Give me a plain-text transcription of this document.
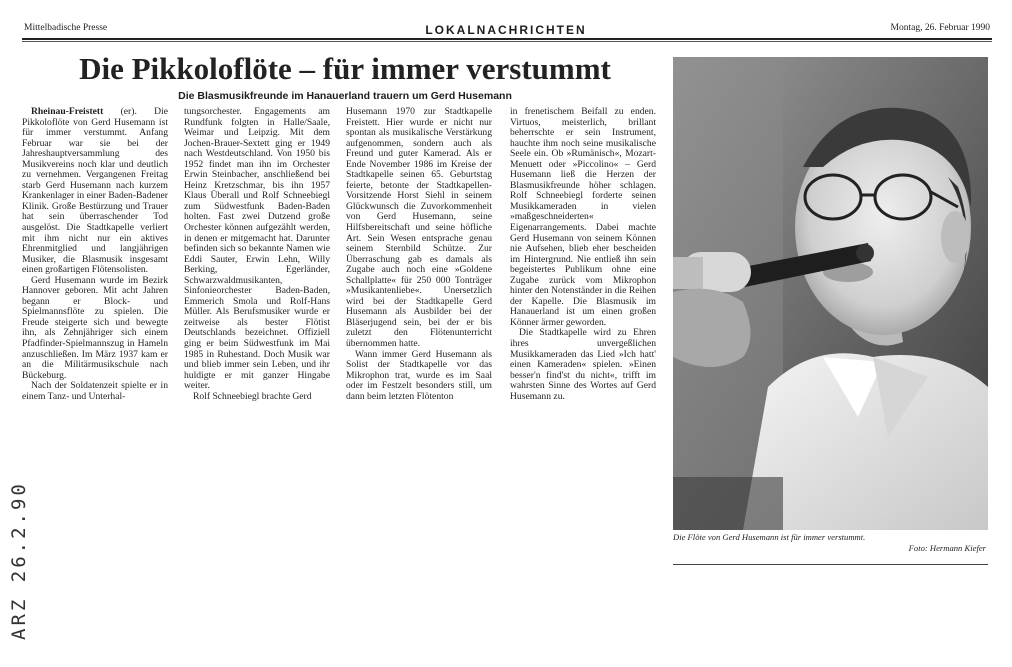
Mittelbadische Presse	LOKALNACHRICHTEN	Montag, 26. Februar 1990
Die Pikkoloflöte – für immer verstummt
Die Blasmusikfreunde im Hanauerland trauern um Gerd Husemann

Rheinau-Freistett (er). Die Pikkoloflöte von Gerd Husemann ist für immer verstummt. Anfang Februar war sie bei der Jahreshauptversammlung des Musikvereins noch klar und deutlich zu vernehmen. Vergangenen Freitag starb Gerd Husemann nach kurzem Krankenlager in einer Baden-Badener Klinik. Große Bestürzung und Trauer hat sein überraschender Tod ausgelöst. Die Stadtkapelle verliert mit ihm nicht nur ein aktives Ehrenmitglied und langjährigen Musiker, die Blasmusik insgesamt einen großartigen Flötensolisten.

Gerd Husemann wurde im Bezirk Hannover geboren. Mit acht Jahren begann er Block- und Spielmannsflöte zu spielen. Die Freude steigerte sich und bewegte ihn, als Zehnjähriger sich einem Pfadfinder-Spielmannszug in Hameln anzuschließen. Im März 1937 kam er an die Militärmusikschule nach Bückeburg.

Nach der Soldatenzeit spielte er in einem Tanz- und Unterhal-

tungsorchester. Engagements am Rundfunk folgten in Halle/Saale, Weimar und Leipzig. Mit dem Jochen-Brauer-Sextett ging er 1949 nach Westdeutschland. Von 1950 bis 1952 findet man ihn im Orchester Erwin Steinbacher, anschließend bei Heinz Kretzschmar, bis ihn 1957 Klaus Überall und Rolf Schneebiegl zum Südwestfunk Baden-Baden holten. Fast zwei Dutzend große Orchester können aufgezählt werden, in denen er mitgemacht hat. Darunter befinden sich so bekannte Namen wie Eddi Sauter, Erwin Lehn, Willy Berking, Egerländer, Schwarzwaldmusikanten, Sinfonieorchester Baden-Baden, Emmerich Smola und Rolf-Hans Müller. Als Berufsmusiker wurde er zeitweise als bester Flötist Deutschlands bezeichnet. Offiziell ging er beim Südwestfunk im Mai 1985 in Ruhestand. Doch Musik war und blieb immer sein Leben, und ihr huldigte er mit ganzer Hingabe weiter.

Rolf Schneebiegl brachte Gerd

Husemann 1970 zur Stadtkapelle Freistett. Hier wurde er nicht nur spontan als musikalische Verstärkung aufgenommen, sondern auch als Freund und guter Kamerad. Als er Ende November 1986 im Kreise der Stadtkapelle seinen 65. Geburtstag feierte, betonte der Stadtkapellen-Vorsitzende Horst Siehl in seinem Glückwunsch die Zuvorkommenheit von Gerd Husemann, seine Hilfsbereitschaft und seine höfliche Art. Sein Wesen entsprache genau seinem Sternbild Schütze. Zur Überraschung gab es damals als Zugabe auch noch eine »Goldene Schallplatte« für 250 000 Tonträger »Musikantenliebe«. Unersetzlich wird bei der Stadtkapelle Gerd Husemann als Ausbilder bei der Bläserjugend sein, bei der er bis zuletzt den Flötenunterricht übernommen hatte.

Wann immer Gerd Husemann als Solist der Stadtkapelle vor das Mikrophon trat, wurde es im Saal oder im Festzelt besonders still, um dann beim letzten Flötenton

in frenetischem Beifall zu enden. Virtuos, meisterlich, brillant beherrschte er sein Instrument, hauchte ihm noch seine musikalische Seele ein. Ob »Rumänisch«, Mozart-Menuett oder »Piccolino« – Gerd Husemann ließ die Herzen der Blasmusikfreunde höher schlagen. Rolf Schneebiegl forderte seinen Musikkameraden in vielen »maßgeschneiderten« Eigenarrangements. Dabei machte Gerd Husemann von seinem Können nie Aufsehen, blieb eher bescheiden im Hintergrund. Nie entließ ihn sein begeistertes Publikum ohne eine Zugabe zurück vom Mikrophon hinter den Notenständer in die Reihen der Kapelle. Die Blasmusik im Hanauerland ist um einen großen Könner ärmer geworden.

Die Stadtkapelle wird zu Ehren ihres unvergeßlichen Musikkameraden das Lied »Ich hatt' einen Kameraden« spielen. »Einen besser'n find'st du nicht«, trifft im wahrsten Sinne des Wortes auf Gerd Husemann zu.

Die Flöte von Gerd Husemann ist für immer verstummt.
Foto: Hermann Kiefer
ARZ 26.2.90
